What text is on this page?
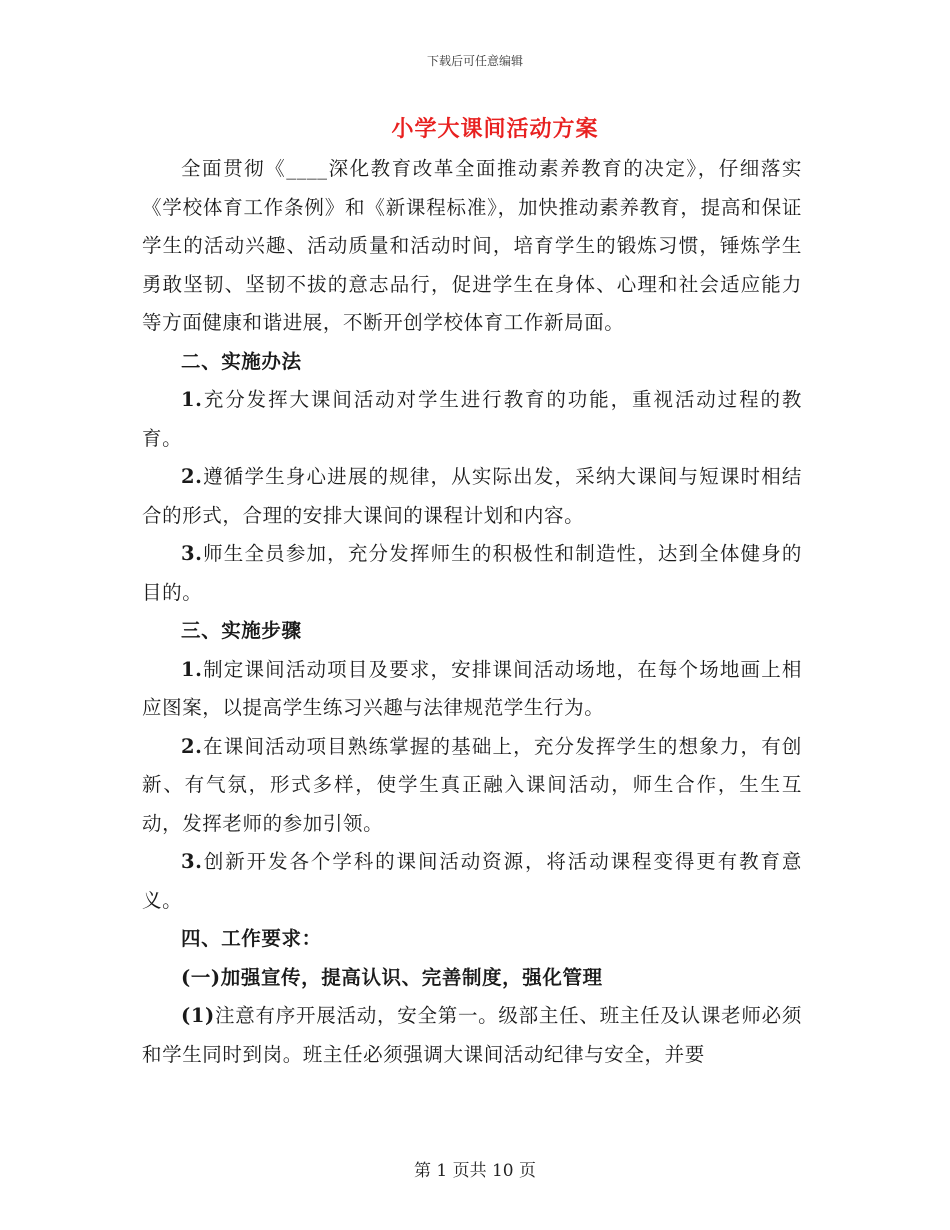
下载后可任意编辑
小学大课间活动方案

全面贯彻《____深化教育改革全面推动素养教育的决定》，仔细落实《学校体育工作条例》和《新课程标准》，加快推动素养教育，提高和保证学生的活动兴趣、活动质量和活动时间，培育学生的锻炼习惯，锤炼学生勇敢坚韧、坚韧不拔的意志品行，促进学生在身体、心理和社会适应能力等方面健康和谐进展，不断开创学校体育工作新局面。

二、实施办法

1.充分发挥大课间活动对学生进行教育的功能，重视活动过程的教育。

2.遵循学生身心进展的规律，从实际出发，采纳大课间与短课时相结合的形式，合理的安排大课间的课程计划和内容。

3.师生全员参加，充分发挥师生的积极性和制造性，达到全体健身的目的。

三、实施步骤

1.制定课间活动项目及要求，安排课间活动场地，在每个场地画上相应图案，以提高学生练习兴趣与法律规范学生行为。

2.在课间活动项目熟练掌握的基础上，充分发挥学生的想象力，有创新、有气氛，形式多样，使学生真正融入课间活动，师生合作，生生互动，发挥老师的参加引领。

3.创新开发各个学科的课间活动资源，将活动课程变得更有教育意义。

四、工作要求：

(一)加强宣传，提高认识、完善制度，强化管理

(1)注意有序开展活动，安全第一。级部主任、班主任及认课老师必须和学生同时到岗。班主任必须强调大课间活动纪律与安全，并要

第 1 页共 10 页
